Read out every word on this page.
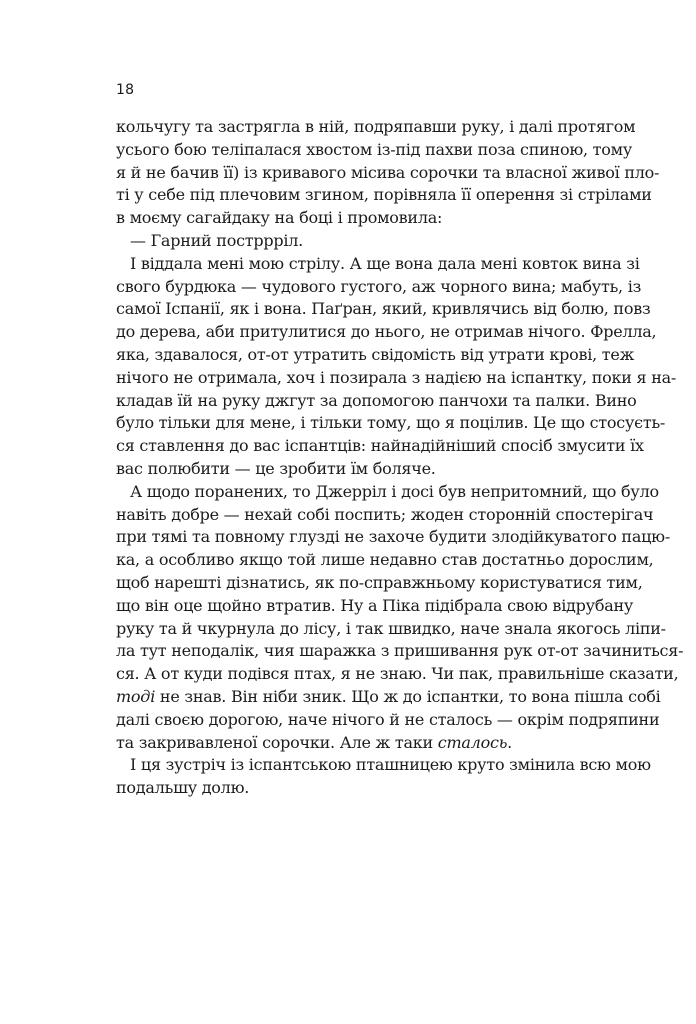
18
кольчугу та застрягла в ній, подряпавши руку, і далі протягом
усього бою теліпалася хвостом із-під пахви поза спиною, тому
я й не бачив її) із кривавого місива сорочки та власної живої пло-
ті у себе під плечовим згином, порівняла її оперення зі стрілами
в моєму сагайдаку на боці і промовила:
— Гарний постррріл.
І віддала мені мою стрілу. А ще вона дала мені ковток вина зі
свого бурдюка — чудового густого, аж чорного вина; мабуть, із
самої Іспанії, як і вона. Паґран, який, кривлячись від болю, повз
до дерева, аби притулитися до нього, не отримав нічого. Фрелла,
яка, здавалося, от-от утратить свідомість від утрати крові, теж
нічого не отримала, хоч і позирала з надією на іспантку, поки я на-
кладав їй на руку джгут за допомогою панчохи та палки. Вино
було тільки для мене, і тільки тому, що я поцілив. Це що стосуєть-
ся ставлення до вас іспантців: найнадійніший спосіб змусити їх
вас полюбити — це зробити їм боляче.
А щодо поранених, то Джеррiл і досі був непритомний, що було
навіть добре — нехай собі поспить; жоден сторонній спостерігач
при тямі та повному глузді не захоче будити злодійкуватого пацю-
ка, а особливо якщо той лише недавно став достатньо дорослим,
щоб нарешті дізнатись, як по-справжньому користуватися тим,
що він оце щойно втратив. Ну а Піка підібрала свою відрубану
руку та й чкурнула до лісу, і так швидко, наче знала якогось ліпи-
ла тут неподалік, чия шаражка з пришивання рук от-от зачиниться-
ся. А от куди подівся птах, я не знаю. Чи пак, правильніше сказати,
тоді не знав. Він ніби зник. Що ж до іспантки, то вона пішла собі
далі своєю дорогою, наче нічого й не сталось — окрім подряпини
та закривавленої сорочки. Але ж таки сталось.
І ця зустріч із іспантською пташницею круто змінила всю мою
подальшу долю.
